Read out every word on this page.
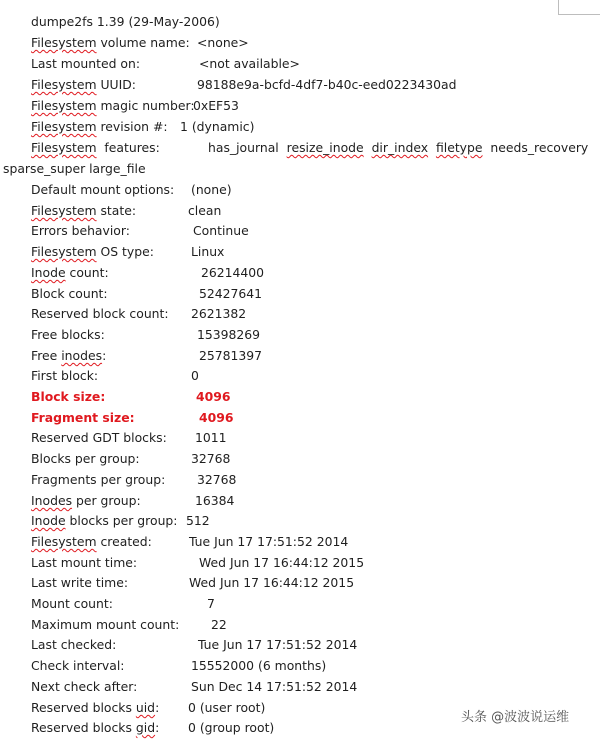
dumpe2fs 1.39 (29-May-2006)
Filesystem volume name: <none>
Last mounted on:	<not available>
Filesystem UUID:	98188e9a-bcfd-4df7-b40c-eed0223430ad
Filesystem magic number:
0xEF53
Filesystem revision #: 1 (dynamic)
Filesystem  features:	has_journal resize_inode dir_index filetype needs_recovery
sparse_super large_file
Default mount options: (none)
Filesystem state:	clean
Errors behavior:	Continue
Filesystem OS type:	Linux
Inode count:	26214400
Block count:	52427641
Reserved block count: 2621382
Free blocks:	15398269
Free inodes:	25781397
First block:	0
Block size:	4096
Fragment size:	4096
Reserved GDT blocks: 1011
Blocks per group:	32768
Fragments per group:	32768
Inodes per group:	16384
Inode blocks per group: 512
Filesystem created:	Tue Jun 17 17:51:52 2014
Last mount time:	Wed Jun 17 16:44:12 2015
Last write time:	Wed Jun 17 16:44:12 2015
Mount count:	7
Maximum mount count:	22
Last checked:	Tue Jun 17 17:51:52 2014
Check interval:	15552000 (6 months)
Next check after:	Sun Dec 14 17:51:52 2014
Reserved blocks uid: 0 (user root)
Reserved blocks gid: 0 (group root)
头条 @波波说运维
